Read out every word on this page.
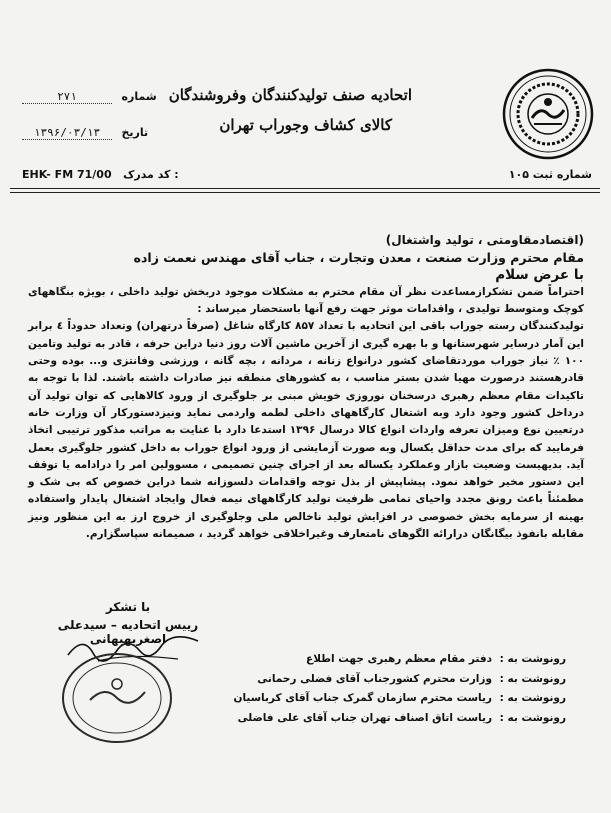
اتحادیه صنف تولیدکنندگان وفروشندگان
کالای کشاف وجوراب تهران
شماره ثبت ۱۰۵
شماره ۲۷۱
تاریخ ۱۳۹۶/۰۳/۱۳
EHK- FM 71/00 کد مدرک :

(اقتصادمقاومتی ، تولید واشتغال)

مقام محترم وزارت صنعت ، معدن وتجارت ، جناب آقای مهندس نعمت زاده

با عرض سلام

احتراماً ضمن تشکرازمساعدت نظر آن مقام محترم به مشکلات موجود دربخش تولید داخلی ، بویژه بنگاههای کوچک ومتوسط تولیدی ، واقدامات موثر جهت رفع آنها باستحضار میرساند :

تولیدکنندگان رسته جوراب باقی این اتحادیه با تعداد ۸۵۷ کارگاه شاغل (صرفاً درتهران) وتعداد حدوداً ٤ برابر این آمار درسایر شهرستانها و با بهره گیری از آخرین ماشین آلات روز دنیا دراین حرفه ، قادر به تولید وتامین ۱۰۰ ٪ نیاز جوراب موردتقاضای کشور درانواع زنانه ، مردانه ، بچه گانه ، ورزشی وفانتزی و... بوده وحتی قادرهستند درصورت مهیا شدن بستر مناسب ، به کشورهای منطقه نیز صادرات داشته باشند. لذا با توجه به تاکیدات مقام معظم رهبری درسخنان نوروزی خویش مبنی بر جلوگیری از ورود کالاهایی که توان تولید آن درداخل کشور وجود دارد وبه اشتغال کارگاههای داخلی لطمه واردمی نماید ونیزدستورکار آن وزارت خانه درتعیین نوع ومیزان تعرفه واردات انواع کالا درسال ۱۳۹۶ استدعا دارد با عنایت به مراتب مذکور ترتیبی اتخاذ فرمایید که برای مدت حداقل یکسال وبه صورت آزمایشی از ورود انواع جوراب به داخل کشور جلوگیری بعمل آید. بدیهیست وضعیت بازار وعملکرد یکساله بعد از اجرای چنین تصمیمی ، مسوولین امر را درادامه یا توقف این دستور مخیر خواهد نمود. پیشاپیش از بذل توجه واقدامات دلسوزانه شما دراین خصوص که بی شک و مطمئناً باعث رونق مجدد واحیای تمامی ظرفیت تولید کارگاههای نیمه فعال وایجاد اشتغال پایدار واستفاده بهینه از سرمایه بخش خصوصی در افزایش تولید ناخالص ملی وجلوگیری از خروج ارز به این منظور ونیز مقابله بانفوذ بیگانگان درارائه الگوهای نامتعارف وغیراخلاقی خواهد گردید ، صمیمانه سپاسگزارم.

با تشکر
رییس اتحادیه – سیدعلی اصغربهبهانی
رونوشت به : دفتر مقام معظم رهبری جهت اطلاع
رونوشت به : وزارت محترم کشورجناب آقای فضلی رحمانی
رونوشت به : ریاست محترم سازمان گمرک جناب آقای کرباسیان
رونوشت به : ریاست اتاق اصناف تهران جناب آقای علی فاضلی
